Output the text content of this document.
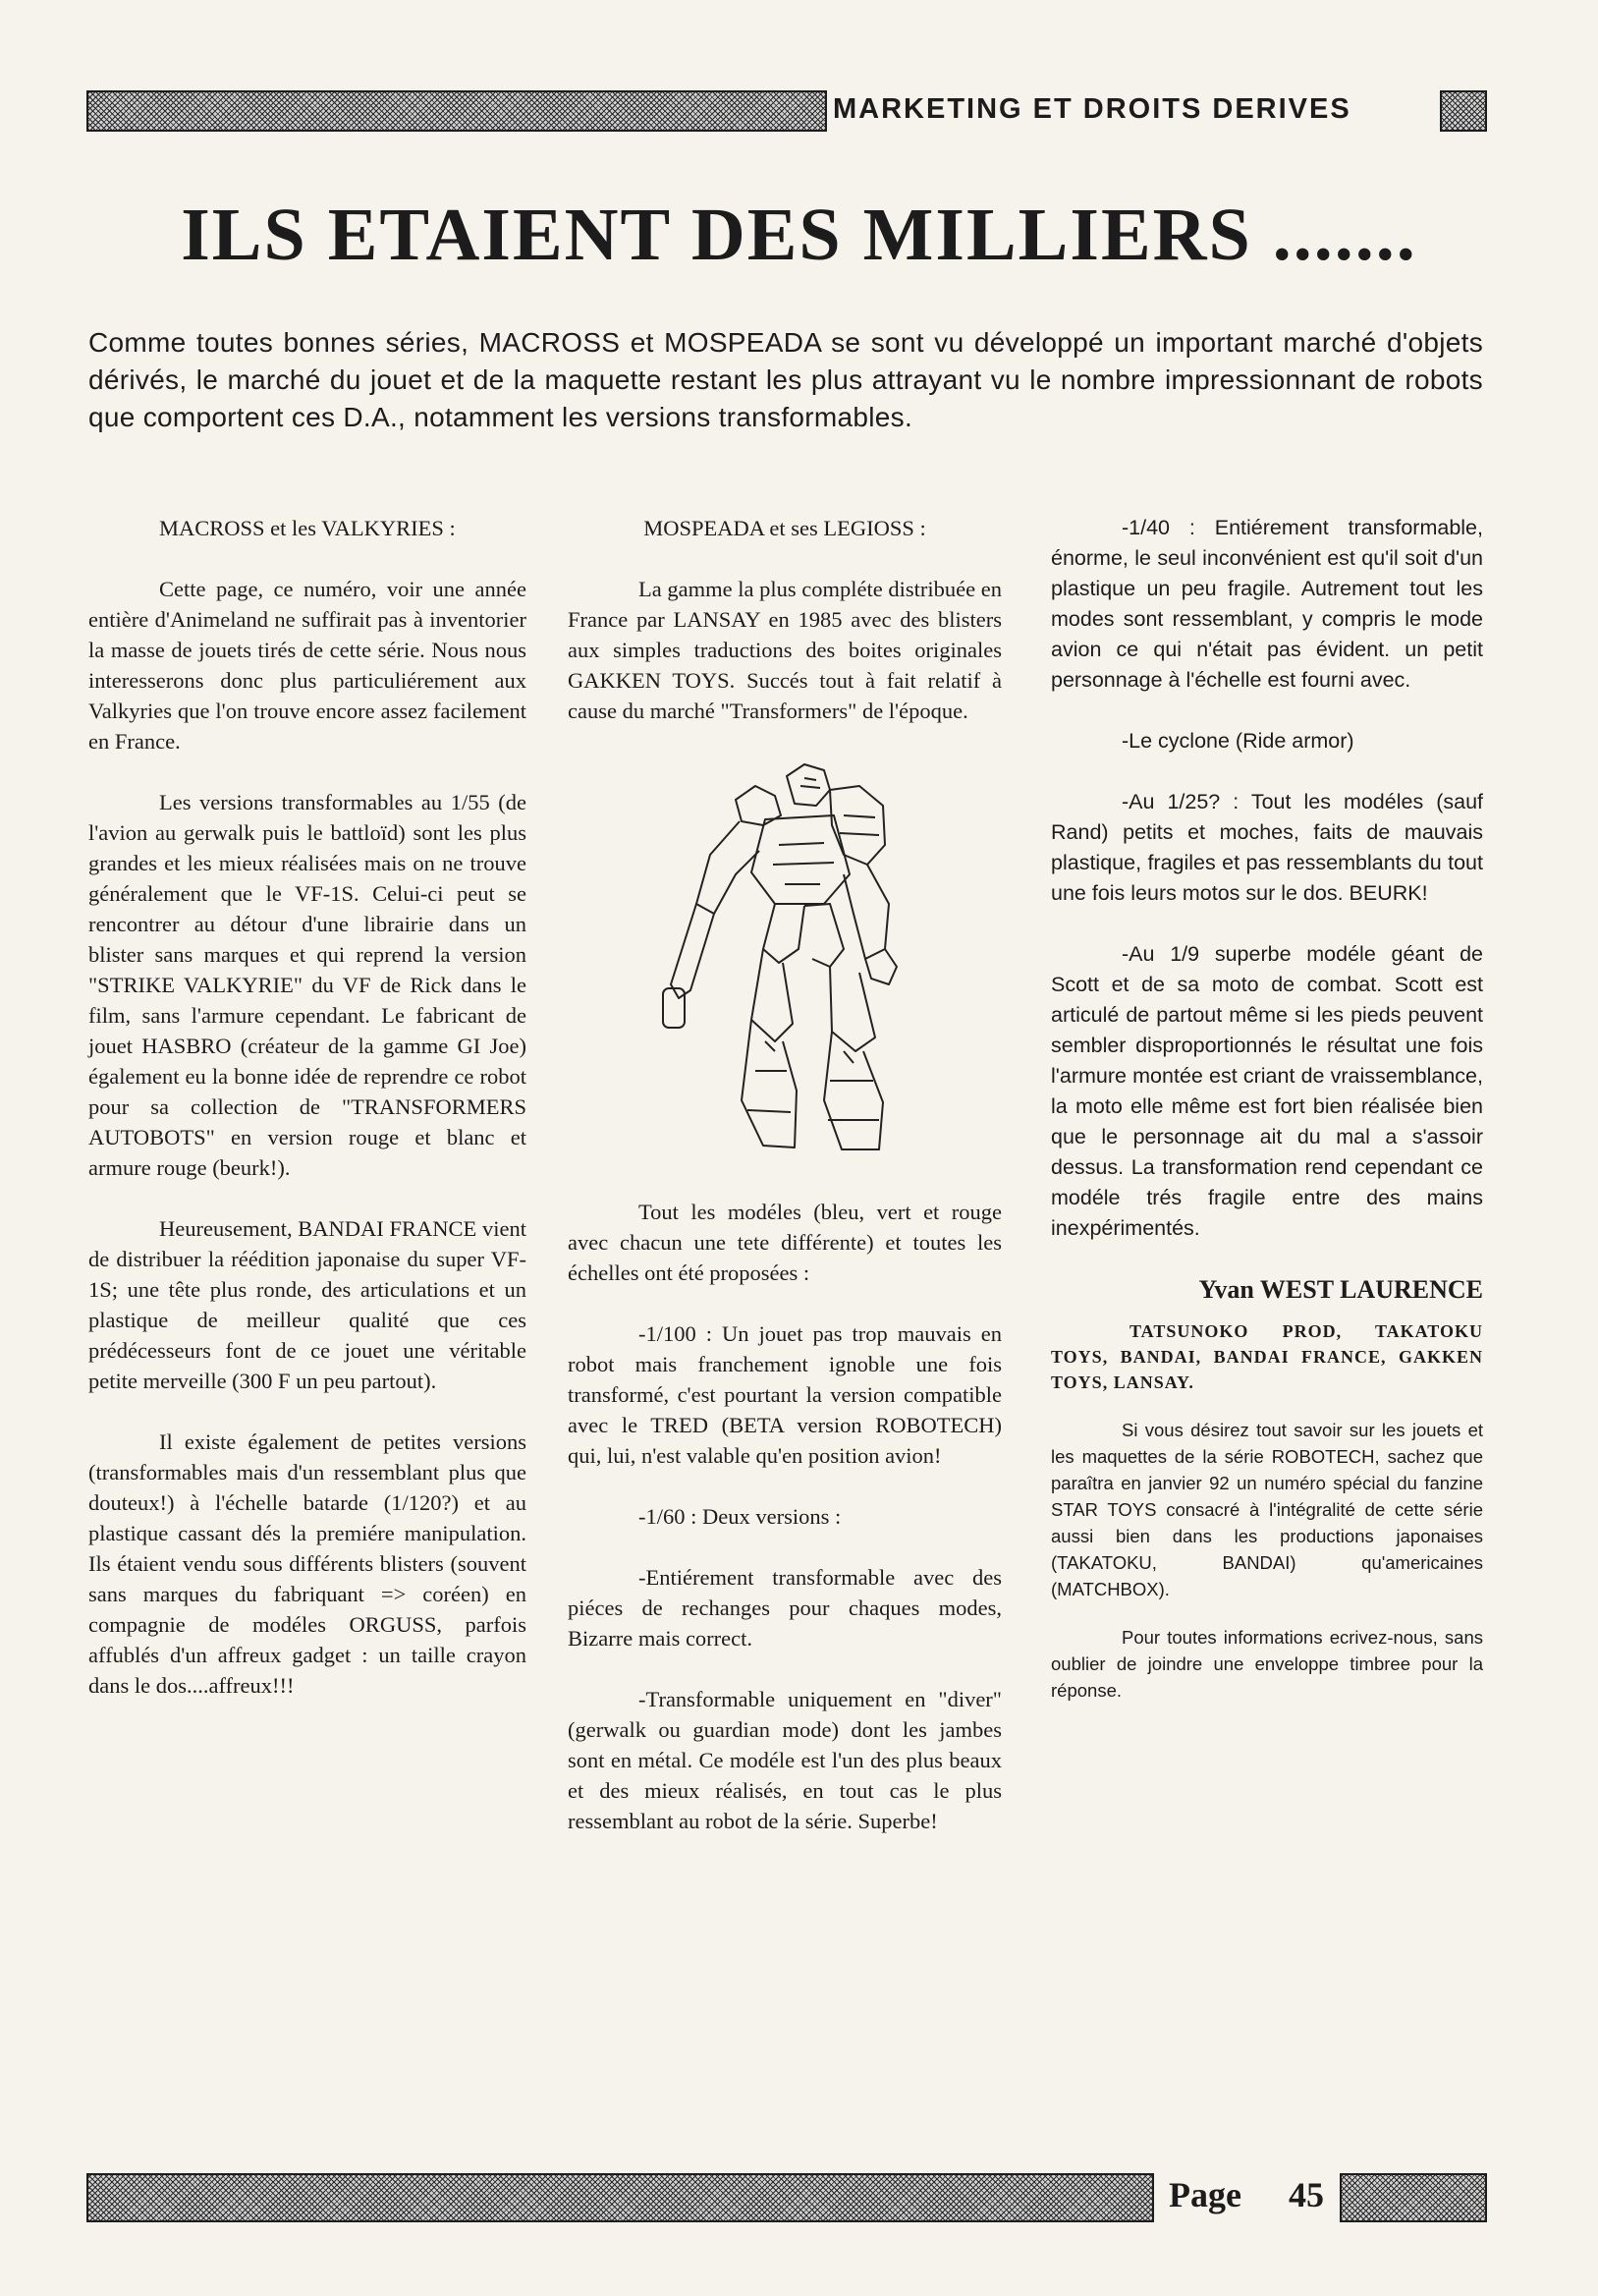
MARKETING ET DROITS DERIVES
ILS ETAIENT DES MILLIERS .......

Comme toutes bonnes séries, MACROSS et MOSPEADA se sont vu développé un important marché d'objets dérivés, le marché du jouet et de la maquette restant les plus attrayant vu le nombre impressionnant de robots que comportent ces D.A., notamment les versions transformables.

MACROSS et les VALKYRIES :

Cette page, ce numéro, voir une année entière d'Animeland ne suffirait pas à inventorier la masse de jouets tirés de cette série. Nous nous interesserons donc plus particuliérement aux Valkyries que l'on trouve encore assez facilement en France.

Les versions transformables au 1/55 (de l'avion au gerwalk puis le battloïd) sont les plus grandes et les mieux réalisées mais on ne trouve généralement que le VF-1S. Celui-ci peut se rencontrer au détour d'une librairie dans un blister sans marques et qui reprend la version "STRIKE VALKYRIE" du VF de Rick dans le film, sans l'armure cependant. Le fabricant de jouet HASBRO (créateur de la gamme GI Joe) également eu la bonne idée de reprendre ce robot pour sa collection de "TRANSFORMERS AUTOBOTS" en version rouge et blanc et armure rouge (beurk!).

Heureusement, BANDAI FRANCE vient de distribuer la réédition japonaise du super VF-1S; une tête plus ronde, des articulations et un plastique de meilleur qualité que ces prédécesseurs font de ce jouet une véritable petite merveille (300 F un peu partout).

Il existe également de petites versions (transformables mais d'un ressemblant plus que douteux!) à l'échelle batarde (1/120?) et au plastique cassant dés la premiére manipulation. Ils étaient vendu sous différents blisters (souvent sans marques du fabriquant => coréen) en compagnie de modéles ORGUSS, parfois affublés d'un affreux gadget : un taille crayon dans le dos....affreux!!!

MOSPEADA et ses LEGIOSS :

La gamme la plus compléte distribuée en France par LANSAY en 1985 avec des blisters aux simples traductions des boites originales GAKKEN TOYS. Succés tout à fait relatif à cause du marché "Transformers" de l'époque.

Tout les modéles (bleu, vert et rouge avec chacun une tete différente) et toutes les échelles ont été proposées :

-1/100 : Un jouet pas trop mauvais en robot mais franchement ignoble une fois transformé, c'est pourtant la version compatible avec le TRED (BETA version ROBOTECH) qui, lui, n'est valable qu'en position avion!

-1/60 : Deux versions :

-Entiérement transformable avec des piéces de rechanges pour chaques modes, Bizarre mais correct.

-Transformable uniquement en "diver" (gerwalk ou guardian mode) dont les jambes sont en métal. Ce modéle est l'un des plus beaux et des mieux réalisés, en tout cas le plus ressemblant au robot de la série. Superbe!

-1/40 : Entiérement transformable, énorme, le seul inconvénient est qu'il soit d'un plastique un peu fragile. Autrement tout les modes sont ressemblant, y compris le mode avion ce qui n'était pas évident. un petit personnage à l'échelle est fourni avec.

-Le cyclone (Ride armor)

-Au 1/25? : Tout les modéles (sauf Rand) petits et moches, faits de mauvais plastique, fragiles et pas ressemblants du tout une fois leurs motos sur le dos. BEURK!

-Au 1/9 superbe modéle géant de Scott et de sa moto de combat. Scott est articulé de partout même si les pieds peuvent sembler disproportionnés le résultat une fois l'armure montée est criant de vraissemblance, la moto elle même est fort bien réalisée bien que le personnage ait du mal a s'assoir dessus. La transformation rend cependant ce modéle trés fragile entre des mains inexpérimentés.

Yvan WEST LAURENCE

TATSUNOKO PROD, TAKATOKU TOYS, BANDAI, BANDAI FRANCE, GAKKEN TOYS, LANSAY.

Si vous désirez tout savoir sur les jouets et les maquettes de la série ROBOTECH, sachez que paraîtra en janvier 92 un numéro spécial du fanzine STAR TOYS consacré à l'intégralité de cette série aussi bien dans les productions japonaises (TAKATOKU, BANDAI) qu'americaines (MATCHBOX).

Pour toutes informations ecrivez-nous, sans oublier de joindre une enveloppe timbree pour la réponse.

Page 45
